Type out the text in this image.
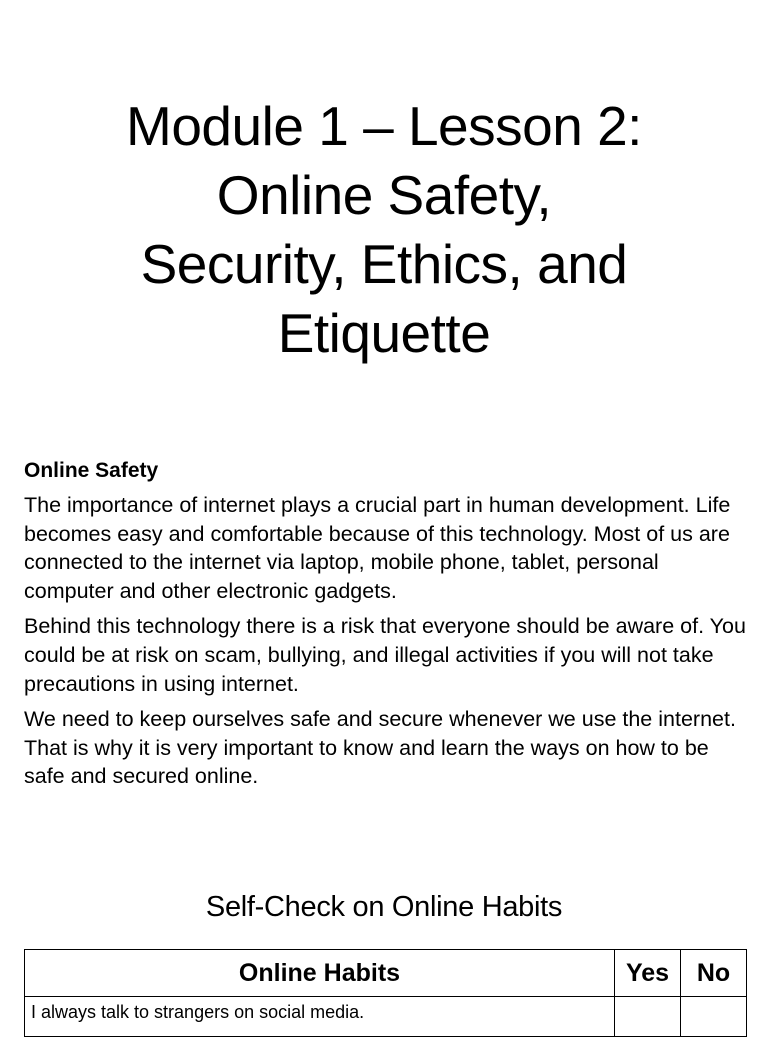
Module 1 – Lesson 2:
Online Safety,
Security, Ethics, and
Etiquette
Online Safety

The importance of internet plays a crucial part in human development. Life becomes easy and comfortable because of this technology. Most of us are connected to the internet via laptop, mobile phone, tablet, personal computer and other electronic gadgets.

Behind this technology there is a risk that everyone should be aware of. You could be at risk on scam, bullying, and illegal activities if you will not take precautions in using internet.

We need to keep ourselves safe and secure whenever we use the internet. That is why it is very important to know and learn the ways on how to be safe and secured online.

Self-Check on Online Habits
Online Habits	Yes	No
I always talk to strangers on social media.		
